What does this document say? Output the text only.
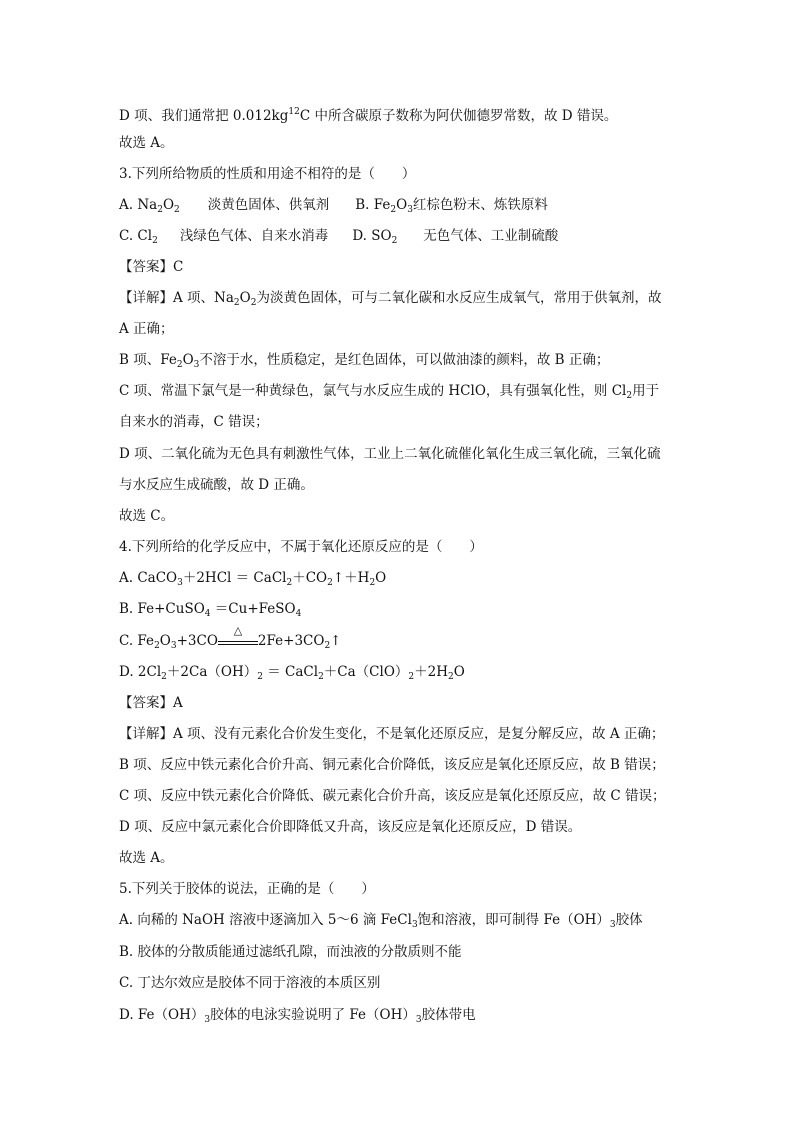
D 项、我们通常把 $0.012kg^{12}C$ 中所含碳原子数称为阿伏伽德罗常数，故 D 错误。
故选 A。
3.下列所给物质的性质和用途不相符的是（　　）
A. $Na_2O_2$ 淡黄色固体、供氧剂 B. $Fe_2O_3$红棕色粉末、炼铁原料
C. $Cl_2$ 浅绿色气体、自来水消毒 D. $SO_2$ 无色气体、工业制硫酸
【答案】C
【详解】A 项、$Na_2O_2$为淡黄色固体，可与二氧化碳和水反应生成氧气，常用于供氧剂，故
A 正确；
B 项、$Fe_2O_3$不溶于水，性质稳定，是红色固体，可以做油漆的颜料，故 B 正确；
C 项、常温下氯气是一种黄绿色，氯气与水反应生成的 HClO，具有强氧化性，则 $Cl_2$用于
自来水的消毒，C 错误；
D 项、二氧化硫为无色具有刺激性气体，工业上二氧化硫催化氧化生成三氧化硫，三氧化硫
与水反应生成硫酸，故 D 正确。
故选 C。
4.下列所给的化学反应中，不属于氧化还原反应的是（　　）
A. CaCO$_3$＋2HCl ＝ $CaCl_2+CO_2↑+H_2O$
B. Fe+CuSO$_4$ ＝Cu+FeSO$_4$
C. $Fe_2O_3+3CO$
△
$2Fe+3CO_2↑$
D. $2Cl_2+2Ca(OH)_2$ ＝ $CaCl_2+Ca(ClO)_2+2H_2O$
【答案】A
【详解】A 项、没有元素化合价发生变化，不是氧化还原反应，是复分解反应，故 A 正确；
B 项、反应中铁元素化合价升高、铜元素化合价降低，该反应是氧化还原反应，故 B 错误；
C 项、反应中铁元素化合价降低、碳元素化合价升高，该反应是氧化还原反应，故 C 错误；
D 项、反应中氯元素化合价即降低又升高，该反应是氧化还原反应，D 错误。
故选 A。
5.下列关于胶体的说法，正确的是（　　）
A. 向稀的 NaOH 溶液中逐滴加入 5～6 滴 FeCl$_3$饱和溶液，即可制得 $Fe(OH)_3$胶体
B. 胶体的分散质能通过滤纸孔隙，而浊液的分散质则不能
C. 丁达尔效应是胶体不同于溶液的本质区别
D. $Fe(OH)_3$胶体的电泳实验说明了 $Fe(OH)_3$胶体带电
